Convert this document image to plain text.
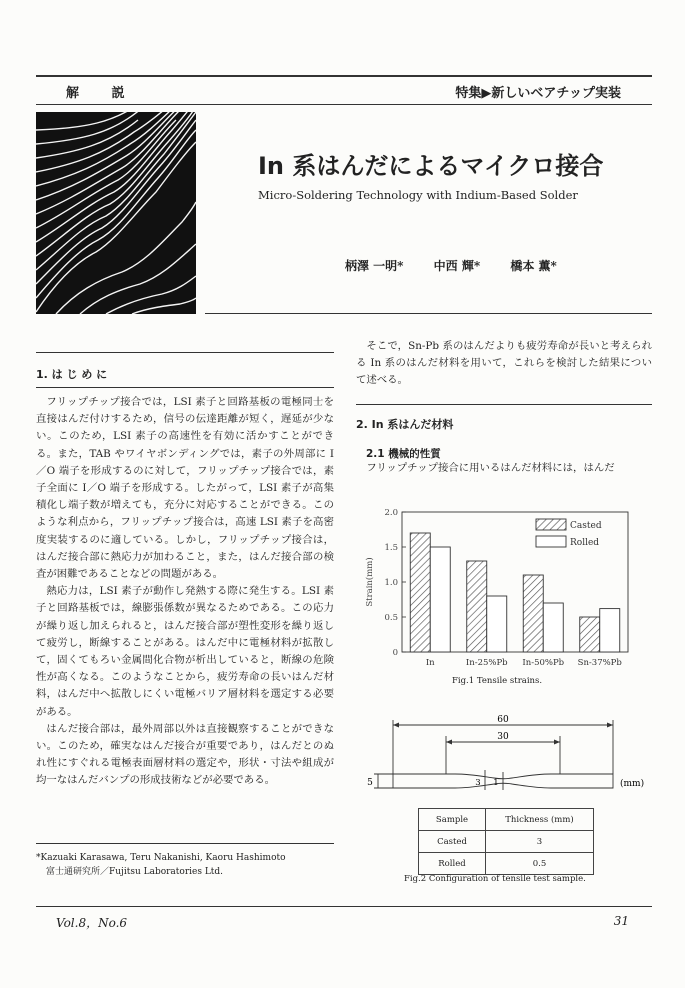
解 説	特集▶新しいベアチップ実装
In 系はんだによるマイクロ接合
Micro-Soldering Technology with Indium-Based Solder
柄澤 一明*	中西 輝*	橋本 薫*
1. は じ め に

フリップチップ接合では，LSI 素子と回路基板の電極同士を直接はんだ付けするため，信号の伝達距離が短く，遅延が少ない。このため，LSI 素子の高速性を有効に活かすことができる。また，TAB やワイヤボンディングでは，素子の外周部に I／O 端子を形成するのに対して，フリップチップ接合では，素子全面に I／O 端子を形成する。したがって，LSI 素子が高集積化し端子数が増えても，充分に対応することができる。このような利点から，フリップチップ接合は，高速 LSI 素子を高密度実装するのに適している。しかし，フリップチップ接合は，はんだ接合部に熱応力が加わること，また，はんだ接合部の検査が困難であることなどの問題がある。

熱応力は，LSI 素子が動作し発熱する際に発生する。LSI 素子と回路基板では，線膨張係数が異なるためである。この応力が繰り返し加えられると，はんだ接合部が塑性変形を繰り返して疲労し，断線することがある。はんだ中に電極材料が拡散して，固くてもろい金属間化合物が析出していると，断線の危険性が高くなる。このようなことから，疲労寿命の長いはんだ材料，はんだ中へ拡散しにくい電極バリア層材料を選定する必要がある。

はんだ接合部は，最外周部以外は直接観察することができない。このため，確実なはんだ接合が重要であり，はんだとのぬれ性にすぐれる電極表面層材料の選定や，形状・寸法や組成が均一なはんだバンプの形成技術などが必要である。

*Kazuaki Karasawa, Teru Nakanishi, Kaoru Hashimoto
富士通研究所／Fujitsu Laboratories Ltd.
そこで，Sn-Pb 系のはんだよりも疲労寿命が長いと考えられる In 系のはんだ材料を用いて，これらを検討した結果について述べる。
2. In 系はんだ材料
2.1 機械的性質
フリップチップ接合に用いるはんだ材料には，はんだ
0
0.5
1.0
1.5
2.0
Strain(mm)
In	In-25%Pb In-50%Pb Sn-37%Pb
Casted
Rolled
Fig.1 Tensile strains.
60
30
5	3 1	(mm)
Sample	Thickness (mm)
Casted	3
Rolled	0.5
Fig.2 Configuration of tensile test sample.
Vol.8，No.6	31
